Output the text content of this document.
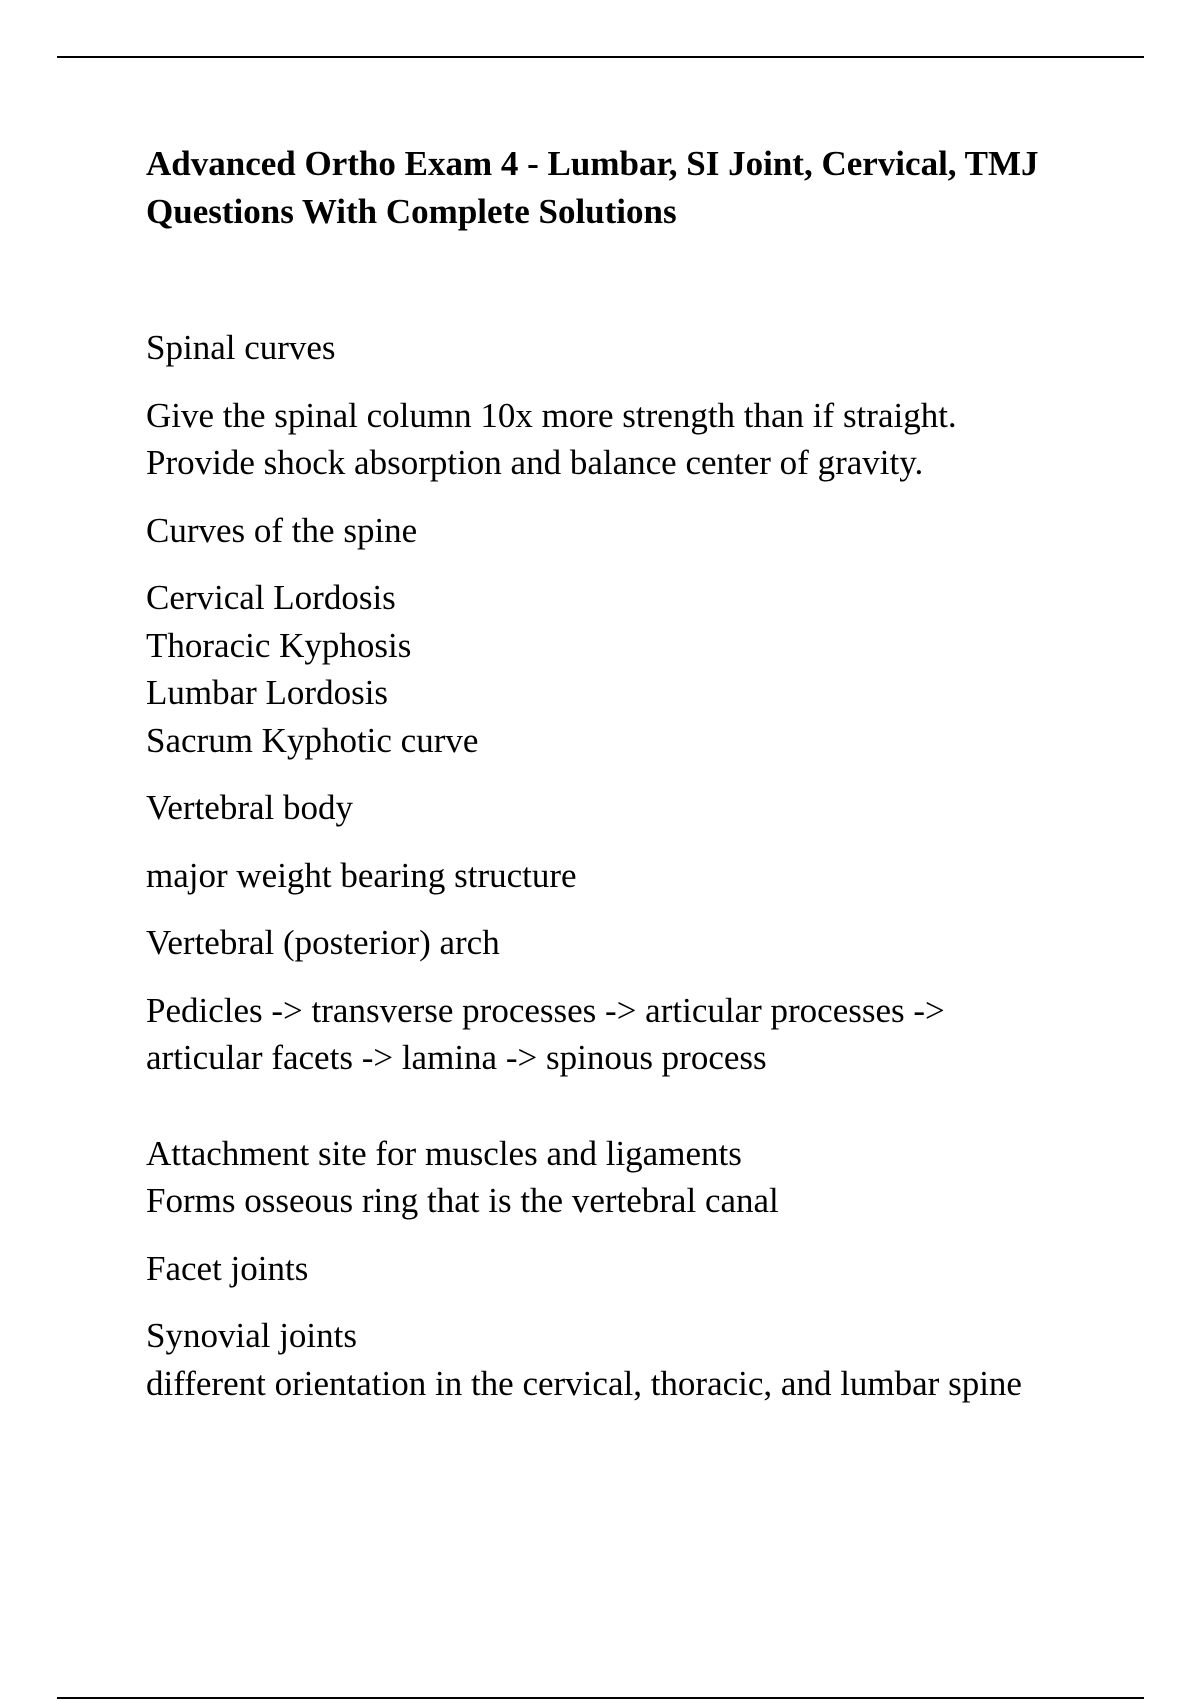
Advanced Ortho Exam 4 - Lumbar, SI Joint, Cervical, TMJ
Questions With Complete Solutions

Spinal curves

Give the spinal column 10x more strength than if straight.
Provide shock absorption and balance center of gravity.

Curves of the spine

Cervical Lordosis
Thoracic Kyphosis
Lumbar Lordosis
Sacrum Kyphotic curve

Vertebral body

major weight bearing structure

Vertebral (posterior) arch

Pedicles -> transverse processes -> articular processes ->
articular facets -> lamina -> spinous process

Attachment site for muscles and ligaments
Forms osseous ring that is the vertebral canal

Facet joints

Synovial joints
different orientation in the cervical, thoracic, and lumbar spine
